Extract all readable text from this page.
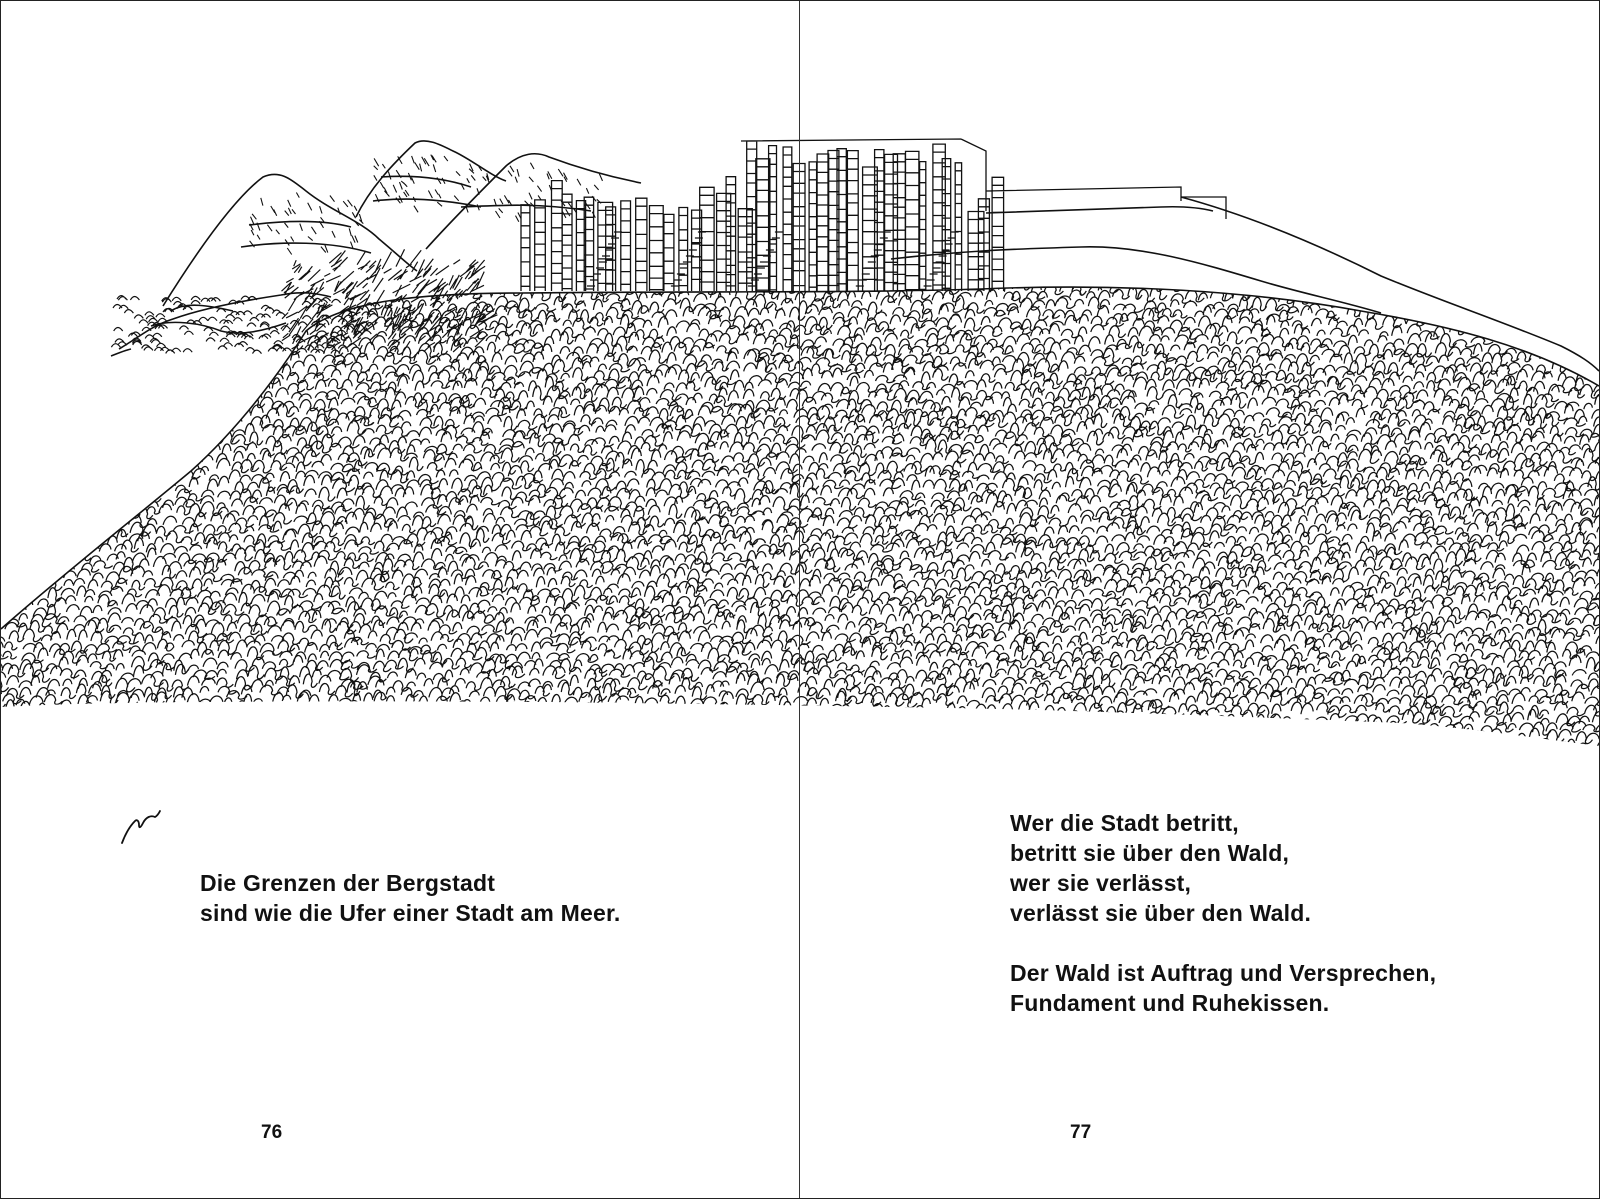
Die Grenzen der Bergstadt
sind wie die Ufer einer Stadt am Meer.
76
Wer die Stadt betritt,
betritt sie über den Wald,
wer sie verlässt,
verlässt sie über den Wald.
Der Wald ist Auftrag und Versprechen,
Fundament und Ruhekissen.
77
